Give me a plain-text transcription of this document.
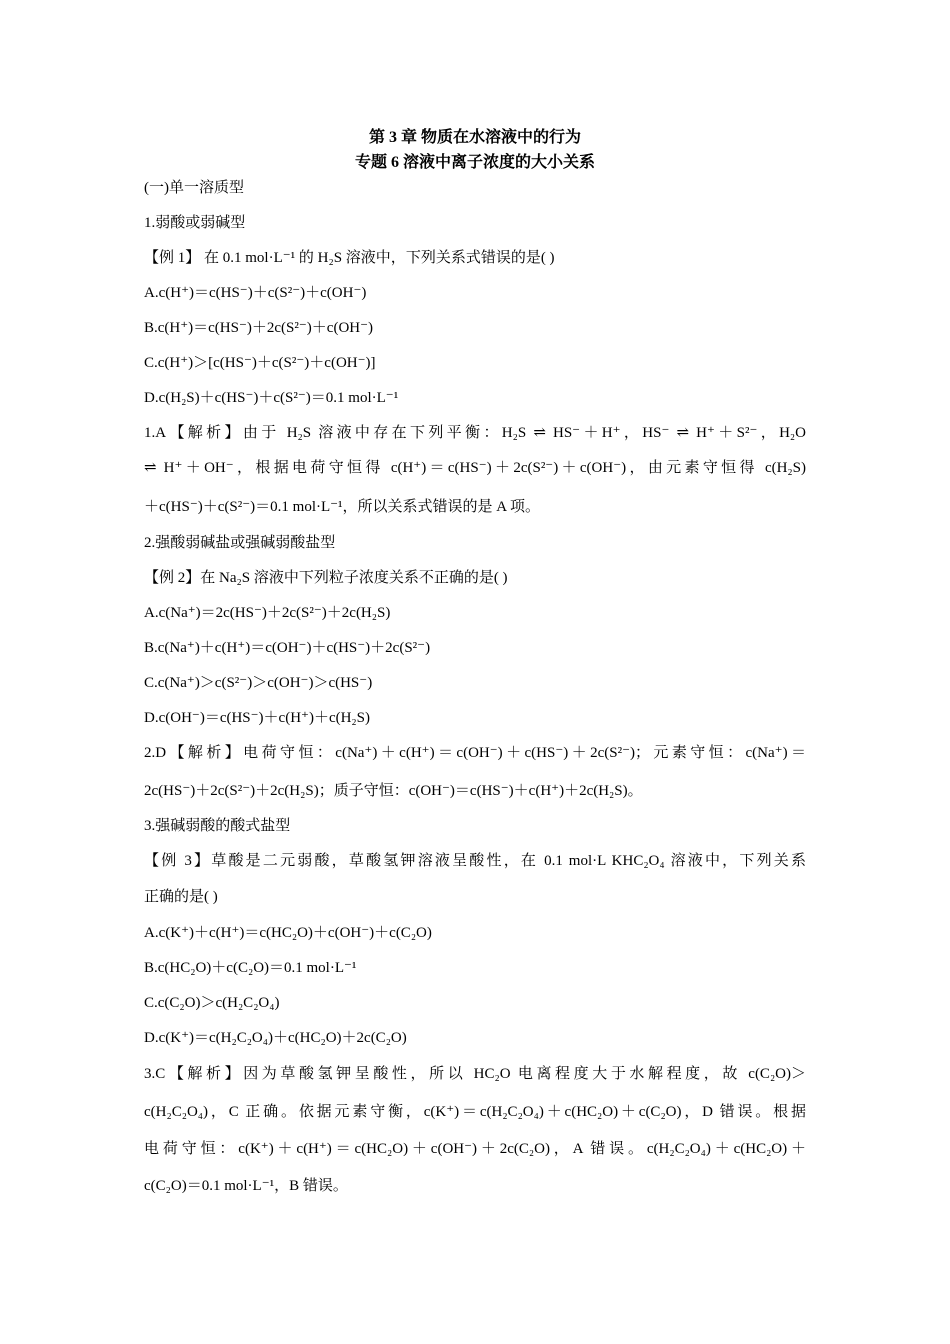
第 3 章 物质在水溶液中的行为
专题 6 溶液中离子浓度的大小关系
(一)单一溶质型
1.弱酸或弱碱型
【例 1】 在 0.1 mol·L⁻¹ 的 H₂S 溶液中，下列关系式错误的是( )
A.c(H⁺)＝c(HS⁻)＋c(S²⁻)＋c(OH⁻)
B.c(H⁺)＝c(HS⁻)＋2c(S²⁻)＋c(OH⁻)
C.c(H⁺)＞[c(HS⁻)＋c(S²⁻)＋c(OH⁻)]
D.c(H₂S)＋c(HS⁻)＋c(S²⁻)＝0.1 mol·L⁻¹
1.A【解析】由于 H₂S 溶液中存在下列平衡：H₂S ⇌ HS⁻＋H⁺，HS⁻ ⇌ H⁺＋S²⁻，H₂O
⇌ H⁺＋OH⁻，根据电荷守恒得 c(H⁺)＝c(HS⁻)＋2c(S²⁻)＋c(OH⁻)，由元素守恒得 c(H₂S)
＋c(HS⁻)＋c(S²⁻)＝0.1 mol·L⁻¹，所以关系式错误的是 A 项。
2.强酸弱碱盐或强碱弱酸盐型
【例 2】在 Na₂S 溶液中下列粒子浓度关系不正确的是( )
A.c(Na⁺)＝2c(HS⁻)＋2c(S²⁻)＋2c(H₂S)
B.c(Na⁺)＋c(H⁺)＝c(OH⁻)＋c(HS⁻)＋2c(S²⁻)
C.c(Na⁺)＞c(S²⁻)＞c(OH⁻)＞c(HS⁻)
D.c(OH⁻)＝c(HS⁻)＋c(H⁺)＋c(H₂S)
2.D【解析】电荷守恒：c(Na⁺)＋c(H⁺)＝c(OH⁻)＋c(HS⁻)＋2c(S²⁻)；元素守恒：c(Na⁺)＝
2c(HS⁻)＋2c(S²⁻)＋2c(H₂S)；质子守恒：c(OH⁻)＝c(HS⁻)＋c(H⁺)＋2c(H₂S)。
3.强碱弱酸的酸式盐型
【例 3】草酸是二元弱酸，草酸氢钾溶液呈酸性，在 0.1 mol·L KHC₂O₄ 溶液中，下列关系
正确的是( )
A.c(K⁺)＋c(H⁺)＝c(HC₂O)＋c(OH⁻)＋c(C₂O)
B.c(HC₂O)＋c(C₂O)＝0.1 mol·L⁻¹
C.c(C₂O)＞c(H₂C₂O₄)
D.c(K⁺)＝c(H₂C₂O₄)＋c(HC₂O)＋2c(C₂O)
3.C【解析】因为草酸氢钾呈酸性，所以 HC₂O 电离程度大于水解程度，故 c(C₂O)＞
c(H₂C₂O₄)，C 正确。依据元素守衡，c(K⁺)＝c(H₂C₂O₄)＋c(HC₂O)＋c(C₂O)，D 错误。根据
电荷守恒：c(K⁺)＋c(H⁺)＝c(HC₂O)＋c(OH⁻)＋2c(C₂O)，A 错误。c(H₂C₂O₄)＋c(HC₂O)＋
c(C₂O)＝0.1 mol·L⁻¹，B 错误。
